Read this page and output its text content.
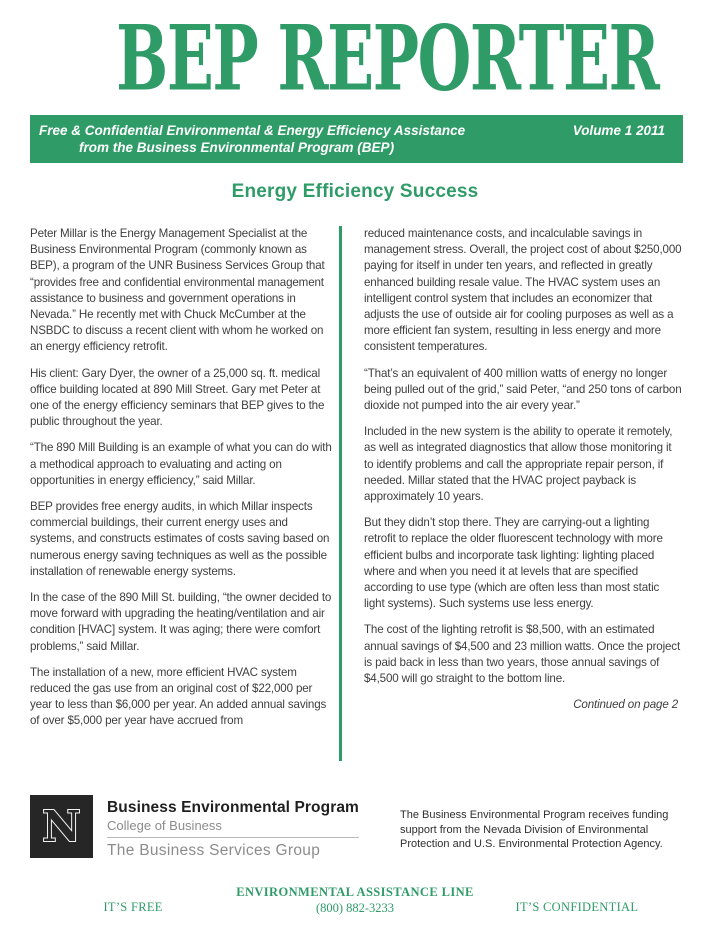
BEP REPORTER
Free & Confidential Environmental & Energy Efficiency Assistance
from the Business Environmental Program (BEP)
Volume 1 2011
Energy Efficiency Success

Peter Millar is the Energy Management Specialist at the Business Environmental Program (commonly known as BEP), a program of the UNR Business Services Group that “provides free and confidential environmental management assistance to business and government operations in Nevada.” He recently met with Chuck McCumber at the NSBDC to discuss a recent client with whom he worked on an energy efficiency retrofit.

His client: Gary Dyer, the owner of a 25,000 sq. ft. medical office building located at 890 Mill Street. Gary met Peter at one of the energy efficiency seminars that BEP gives to the public throughout the year.

“The 890 Mill Building is an example of what you can do with a methodical approach to evaluating and acting on opportunities in energy efficiency,” said Millar.

BEP provides free energy audits, in which Millar inspects commercial buildings, their current energy uses and systems, and constructs estimates of costs saving based on numerous energy saving techniques as well as the possible installation of renewable energy systems.

In the case of the 890 Mill St. building, “the owner decided to move forward with upgrading the heating/ventilation and air condition [HVAC] system. It was aging; there were comfort problems,” said Millar.

The installation of a new, more efficient HVAC system reduced the gas use from an original cost of $22,000 per year to less than $6,000 per year. An added annual savings of over $5,000 per year have accrued from

reduced maintenance costs, and incalculable savings in management stress. Overall, the project cost of about $250,000 paying for itself in under ten years, and reflected in greatly enhanced building resale value. The HVAC system uses an intelligent control system that includes an economizer that adjusts the use of outside air for cooling purposes as well as a more efficient fan system, resulting in less energy and more consistent temperatures.

“That’s an equivalent of 400 million watts of energy no longer being pulled out of the grid,” said Peter, “and 250 tons of carbon dioxide not pumped into the air every year.”

Included in the new system is the ability to operate it remotely, as well as integrated diagnostics that allow those monitoring it to identify problems and call the appropriate repair person, if needed. Millar stated that the HVAC project payback is approximately 10 years.

But they didn’t stop there. They are carrying-out a lighting retrofit to replace the older fluorescent technology with more efficient bulbs and incorporate task lighting: lighting placed where and when you need it at levels that are specified according to use type (which are often less than most static light systems). Such systems use less energy.

The cost of the lighting retrofit is $8,500, with an estimated annual savings of $4,500 and 23 million watts. Once the project is paid back in less than two years, those annual savings of $4,500 will go straight to the bottom line.

Continued on page 2
N Business Environmental Program
College of Business
The Business Services Group
The Business Environmental Program receives funding support from the Nevada Division of Environmental Protection and U.S. Environmental Protection Agency.
IT’S FREE
ENVIRONMENTAL ASSISTANCE LINE
(800) 882-3233	IT’S CONFIDENTIAL
